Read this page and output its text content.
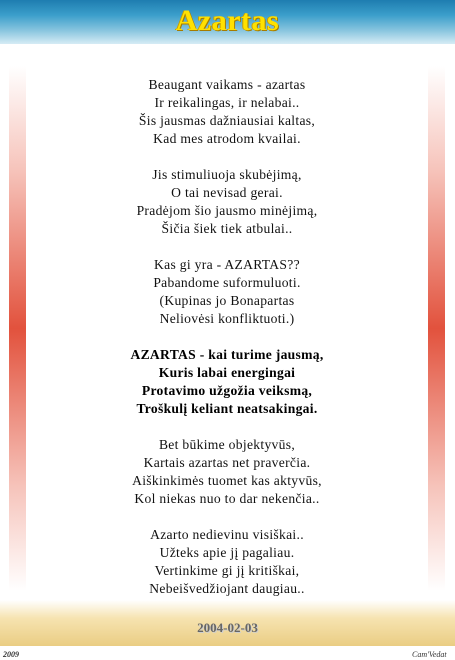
Azartas
Beaugant vaikams - azartas
Ir reikalingas, ir nelabai..
Šis jausmas dažniausiai kaltas,
Kad mes atrodom kvailai.
Jis stimuliuoja skubėjimą,
O tai nevisad gerai.
Pradėjom šio jausmo minėjimą,
Šičia šiek tiek atbulai..
Kas gi yra - AZARTAS??
Pabandome suformuluoti.
(Kupinas jo Bonapartas
Neliovėsi konfliktuoti.)
AZARTAS - kai turime jausmą,
Kuris labai energingai
Protavimo užgožia veiksmą,
Troškulį keliant neatsakingai.
Bet būkime objektyvūs,
Kartais azartas net praverčia.
Aiškinkimės tuomet kas aktyvūs,
Kol niekas nuo to dar nekenčia..
Azarto nedievinu visiškai..
Užteks apie jį pagaliau.
Vertinkime gi jį kritiškai,
Nebeišvedžiojant daugiau..
2004-02-03
2009	Cam'Vedat
